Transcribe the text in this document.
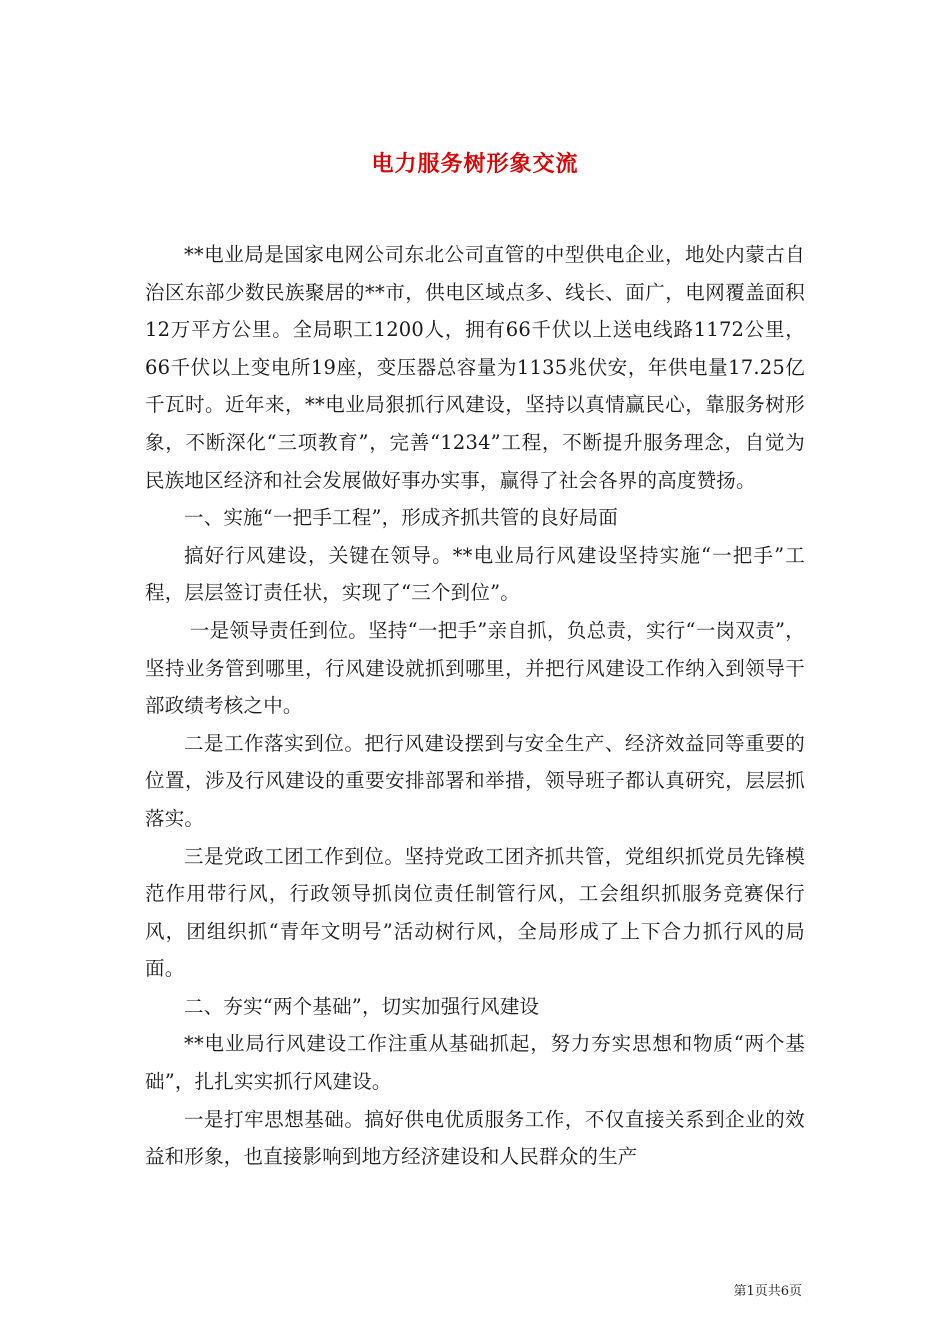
电力服务树形象交流

**电业局是国家电网公司东北公司直管的中型供电企业，地处内蒙古自治区东部少数民族聚居的**市，供电区域点多、线长、面广，电网覆盖面积12万平方公里。全局职工1200人，拥有66千伏以上送电线路1172公里，66千伏以上变电所19座，变压器总容量为1135兆伏安，年供电量17.25亿千瓦时。近年来，**电业局狠抓行风建设，坚持以真情赢民心，靠服务树形象，不断深化“三项教育”，完善“1234”工程，不断提升服务理念，自觉为民族地区经济和社会发展做好事办实事，赢得了社会各界的高度赞扬。

一、实施“一把手工程”，形成齐抓共管的良好局面

搞好行风建设，关键在领导。**电业局行风建设坚持实施“一把手”工程，层层签订责任状，实现了“三个到位”。

一是领导责任到位。坚持“一把手”亲自抓，负总责，实行“一岗双责”，坚持业务管到哪里，行风建设就抓到哪里，并把行风建设工作纳入到领导干部政绩考核之中。

二是工作落实到位。把行风建设摆到与安全生产、经济效益同等重要的位置，涉及行风建设的重要安排部署和举措，领导班子都认真研究，层层抓落实。

三是党政工团工作到位。坚持党政工团齐抓共管，党组织抓党员先锋模范作用带行风，行政领导抓岗位责任制管行风，工会组织抓服务竞赛保行风，团组织抓“青年文明号”活动树行风，全局形成了上下合力抓行风的局面。

二、夯实“两个基础”，切实加强行风建设

**电业局行风建设工作注重从基础抓起，努力夯实思想和物质“两个基础”，扎扎实实抓行风建设。

一是打牢思想基础。搞好供电优质服务工作，不仅直接关系到企业的效益和形象，也直接影响到地方经济建设和人民群众的生产

第1页共6页
